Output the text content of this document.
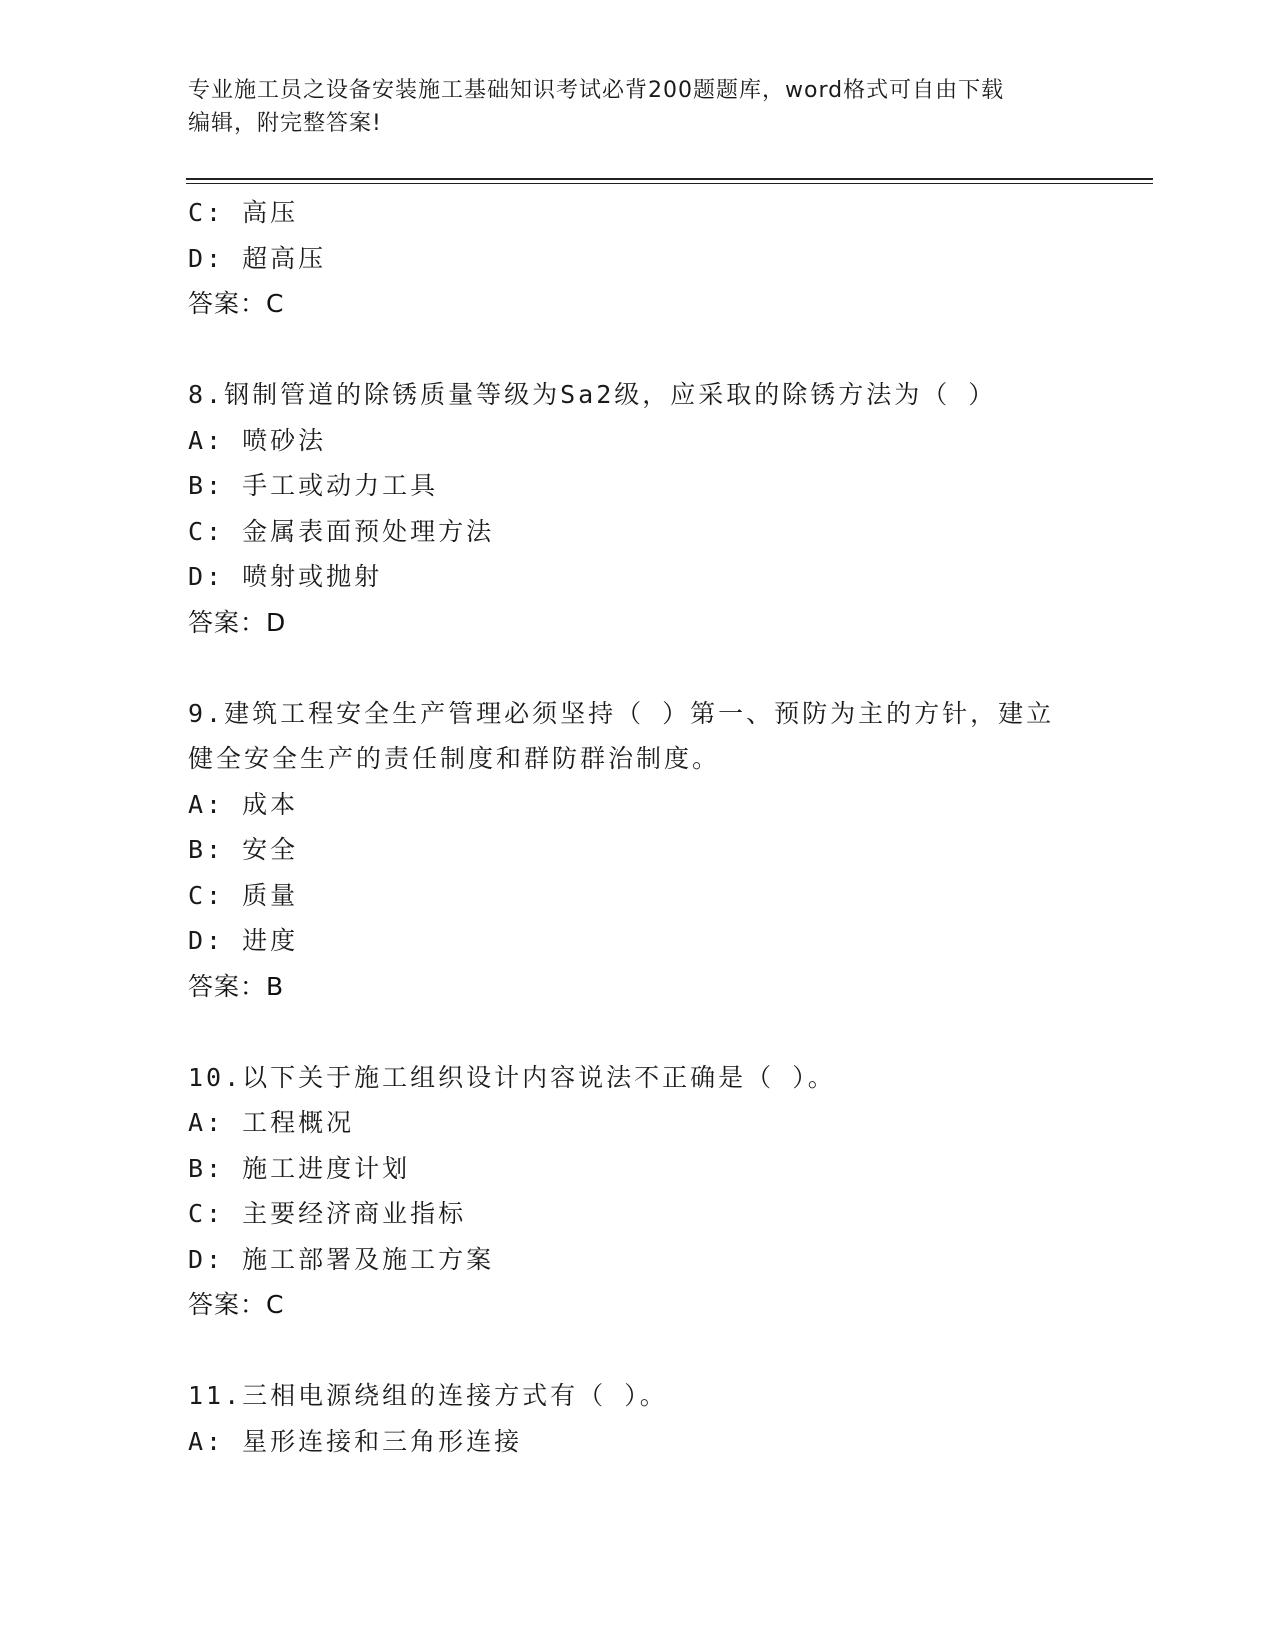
专业施工员之设备安装施工基础知识考试必背200题题库，word格式可自由下载
编辑，附完整答案!
C: 高压
D: 超高压
答案：C
8.钢制管道的除锈质量等级为Sa2级，应采取的除锈方法为（ ）
A: 喷砂法
B: 手工或动力工具
C: 金属表面预处理方法
D: 喷射或抛射
答案：D
9.建筑工程安全生产管理必须坚持（ ）第一、预防为主的方针，建立
健全安全生产的责任制度和群防群治制度。
A: 成本
B: 安全
C: 质量
D: 进度
答案：B
10.以下关于施工组织设计内容说法不正确是（ ）。
A: 工程概况
B: 施工进度计划
C: 主要经济商业指标
D: 施工部署及施工方案
答案：C
11.三相电源绕组的连接方式有（ ）。
A: 星形连接和三角形连接
